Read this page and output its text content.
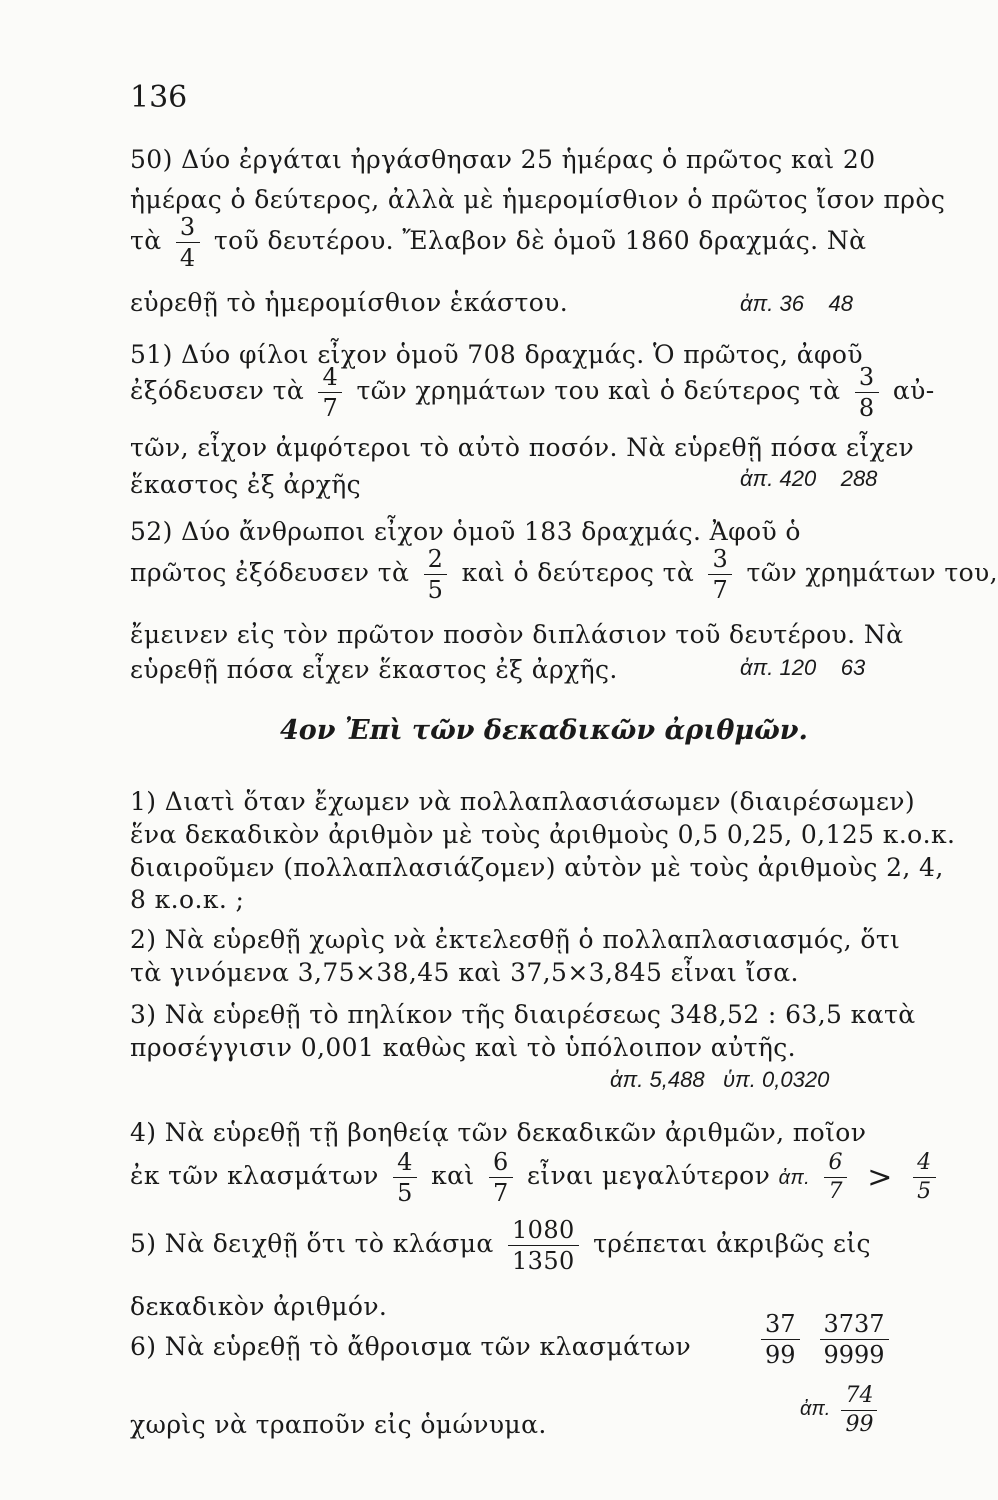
136
50) Δύο ἐργάται ἠργάσθησαν 25 ἡμέρας ὁ πρῶτος καὶ 20
ἡμέρας ὁ δεύτερος, ἀλλὰ μὲ ἡμερομίσθιον ὁ πρῶτος ἴσον πρὸς
τὰ $\frac{3}{4}$ τοῦ δευτέρου. Ἔλαβον δὲ ὁμοῦ 1860 δραχμάς. Νὰ
εὑρεθῇ τὸ ἡμερομίσθιον ἑκάστου.	ἀπ. 36 48
51) Δύο φίλοι εἶχον ὁμοῦ 708 δραχμάς. Ὁ πρῶτος, ἀφοῦ
ἐξόδευσεν τὰ $\frac{4}{7}$ τῶν χρημάτων του καὶ ὁ δεύτερος τὰ $\frac{3}{8}$ αὐ-
τῶν, εἶχον ἀμφότεροι τὸ αὐτὸ ποσόν. Νὰ εὑρεθῇ πόσα εἶχεν
ἕκαστος ἐξ ἀρχῆς	ἀπ. 420 288
52) Δύο ἄνθρωποι εἶχον ὁμοῦ 183 δραχμάς. Ἀφοῦ ὁ
πρῶτος ἐξόδευσεν τὰ $\frac{2}{5}$ καὶ ὁ δεύτερος τὰ $\frac{3}{7}$ τῶν χρημάτων του,
ἔμεινεν εἰς τὸν πρῶτον ποσὸν διπλάσιον τοῦ δευτέρου. Νὰ
εὑρεθῇ πόσα εἶχεν ἕκαστος ἐξ ἀρχῆς.	ἀπ. 120 63
4ον Ἐπὶ τῶν δεκαδικῶν ἀριθμῶν.
1) Διατὶ ὅταν ἔχωμεν νὰ πολλαπλασιάσωμεν (διαιρέσωμεν)
ἕνα δεκαδικὸν ἀριθμὸν μὲ τοὺς ἀριθμοὺς 0,5 0,25, 0,125 κ.ο.κ.
διαιροῦμεν (πολλαπλασιάζομεν) αὐτὸν μὲ τοὺς ἀριθμοὺς 2, 4,
8 κ.ο.κ. ;
2) Νὰ εὑρεθῇ χωρὶς νὰ ἐκτελεσθῇ ὁ πολλαπλασιασμός, ὅτι
τὰ γινόμενα 3,75×38,45 καὶ 37,5×3,845 εἶναι ἴσα.
3) Νὰ εὑρεθῇ τὸ πηλίκον τῆς διαιρέσεως 348,52 : 63,5 κατὰ
προσέγγισιν 0,001 καθὼς καὶ τὸ ὑπόλοιπον αὐτῆς.
ἀπ. 5,488 ὑπ. 0,0320
4) Νὰ εὑρεθῇ τῇ βοηθείᾳ τῶν δεκαδικῶν ἀριθμῶν, ποῖον
ἐκ τῶν κλασμάτων $\frac{4}{5}$ καὶ $\frac{6}{7}$ εἶναι μεγαλύτερον ἀπ. $\frac{6}{7} > \frac{4}{5}$
5) Νὰ δειχθῇ ὅτι τὸ κλάσμα $\frac{1080}{1350}$ τρέπεται ἀκριβῶς εἰς
δεκαδικὸν ἀριθμόν.
6) Νὰ εὑρεθῇ τὸ ἄθροισμα τῶν κλασμάτων	$\frac{37}{99}$
$\frac{3737}{9999}$
χωρὶς νὰ τραποῦν εἰς ὁμώνυμα.
ἀπ. $\frac{74}{99}$
